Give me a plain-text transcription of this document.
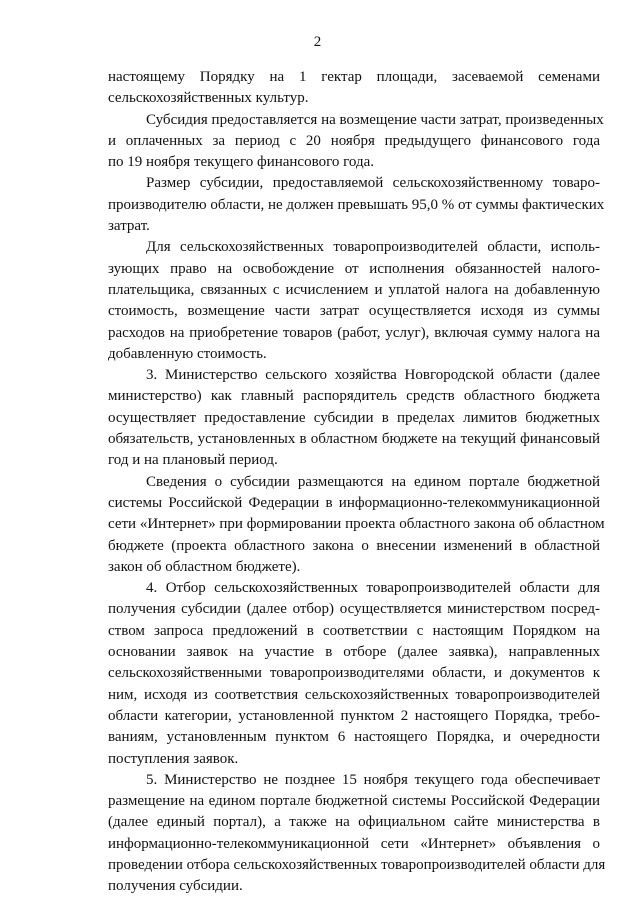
2
настоящему Порядку на 1 гектар площади, засеваемой семенами
сельскохозяйственных культур.
Субсидия предоставляется на возмещение части затрат, произведенных
и оплаченных за период с 20 ноября предыдущего финансового года
по 19 ноября текущего финансового года.
Размер субсидии, предоставляемой сельскохозяйственному товаро-
производителю области, не должен превышать 95,0 % от суммы фактических
затрат.
Для сельскохозяйственных товаропроизводителей области, исполь-
зующих право на освобождение от исполнения обязанностей налого-
плательщика, связанных с исчислением и уплатой налога на добавленную
стоимость, возмещение части затрат осуществляется исходя из суммы
расходов на приобретение товаров (работ, услуг), включая сумму налога на
добавленную стоимость.
3. Министерство сельского хозяйства Новгородской области (далее
министерство) как главный распорядитель средств областного бюджета
осуществляет предоставление субсидии в пределах лимитов бюджетных
обязательств, установленных в областном бюджете на текущий финансовый
год и на плановый период.
Сведения о субсидии размещаются на едином портале бюджетной
системы Российской Федерации в информационно-телекоммуникационной
сети «Интернет» при формировании проекта областного закона об областном
бюджете (проекта областного закона о внесении изменений в областной
закон об областном бюджете).
4. Отбор сельскохозяйственных товаропроизводителей области для
получения субсидии (далее отбор) осуществляется министерством посред-
ством запроса предложений в соответствии с настоящим Порядком на
основании заявок на участие в отборе (далее заявка), направленных
сельскохозяйственными товаропроизводителями области, и документов к
ним, исходя из соответствия сельскохозяйственных товаропроизводителей
области категории, установленной пунктом 2 настоящего Порядка, требо-
ваниям, установленным пунктом 6 настоящего Порядка, и очередности
поступления заявок.
5. Министерство не позднее 15 ноября текущего года обеспечивает
размещение на едином портале бюджетной системы Российской Федерации
(далее единый портал), а также на официальном сайте министерства в
информационно-телекоммуникационной сети «Интернет» объявления о
проведении отбора сельскохозяйственных товаропроизводителей области для
получения субсидии.
